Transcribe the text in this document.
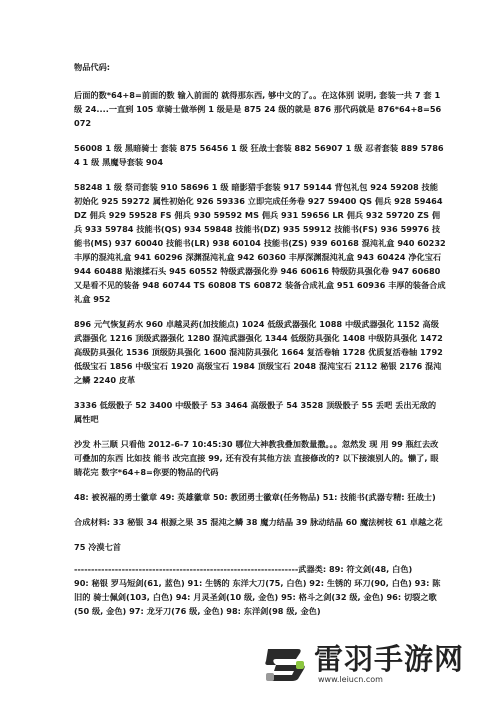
物品代码:

后面的数*64+8=前面的数 输入前面的 就得那东西, 够中文的了。。在这体别 说明, 套装一共 7 套 1 级 24....一直到 105 章骑士做举例 1 级是是 875 24 级的就是 876 那代码就是 876*64+8=56072

56008 1 级 黑暗骑士 套装 875 56456 1 级 狂战士套装 882 56907 1 级 忍者套装 889 57864 1 级 黑魔导套装 904

58248 1 级 祭司套装 910 58696 1 级 暗影猎手套装 917 59144 背包礼包 924 59208 技能初始化 925 59272 属性初始化 926 59336 立即完成任务卷 927 59400 QS 佣兵 928 59464 DZ 佣兵 929 59528 FS 佣兵 930 59592 MS 佣兵 931 59656 LR 佣兵 932 59720 ZS 佣兵 933 59784 技能书(QS) 934 59848 技能书(DZ) 935 59912 技能书(FS) 936 59976 技能书(MS) 937 60040 技能书(LR) 938 60104 技能书(ZS) 939 60168 混沌礼盒 940 60232 丰厚的混沌礼盒 941 60296 深渊混沌礼盒 942 60360 丰厚深渊混沌礼盒 943 60424 净化宝石 944 60488 贴滚揉石头 945 60552 特级武器强化券 946 60616 特级防具强化卷 947 60680 又是看不见的装备 948 60744 TS 60808 TS 60872 装备合成礼盒 951 60936 丰厚的装备合成礼盒 952

896 元气恢复药水 960 卓越灵药(加技能点) 1024 低级武器强化 1088 中级武器强化 1152 高级武器强化 1216 顶级武器强化 1280 混沌武器强化 1344 低级防具强化 1408 中级防具强化 1472 高级防具强化 1536 顶级防具强化 1600 混沌防具强化 1664 复活卷轴 1728 优质复活卷轴 1792 低级宝石 1856 中级宝石 1920 高级宝石 1984 顶级宝石 2048 混沌宝石 2112 秘银 2176 混沌之鳞 2240 皮革

3336 低级骰子 52 3400 中级骰子 53 3464 高级骰子 54 3528 顶级骰子 55 丢吧 丢出无敌的 属性吧

沙发 朴三顺 只看他 2012-6-7 10:45:30 哪位大神教我叠加数量撒。。。忽然发 现 用 99 瓶红去改可叠加的东西 比如技 能书 改完直接 99, 还有没有其他方法 直接修改的? 以下接滚别人的。懒了, 眼睛花完 数字*64+8=你要的物品的代码

48: 被祝福的勇士徽章 49: 英雄徽章 50: 教团勇士徽章(任务物品) 51: 技能书(武器专精: 狂战士)

合成材料: 33 秘银 34 根源之果 35 混沌之鳞 38 魔力结晶 39 脉动结晶 60 魔法树枝 61 卓越之花

75 冷漠七首

------------------------------------------------------------------武器类: 89: 符文剑(48, 白色)

90: 秘银 罗马短剑(61, 蓝色) 91: 生锈的 东洋大刀(75, 白色) 92: 生锈的 环刀(90, 白色) 93: 陈旧的 骑士佩剑(103, 白色) 94: 月灵圣剑(10 级, 金色) 95: 格斗之剑(32 级, 金色) 96: 切裂之歌(50 级, 金色) 97: 龙牙刀(76 级, 金色) 98: 东洋剑(98 级, 金色)

雷羽手游网
www.leiucn.com
